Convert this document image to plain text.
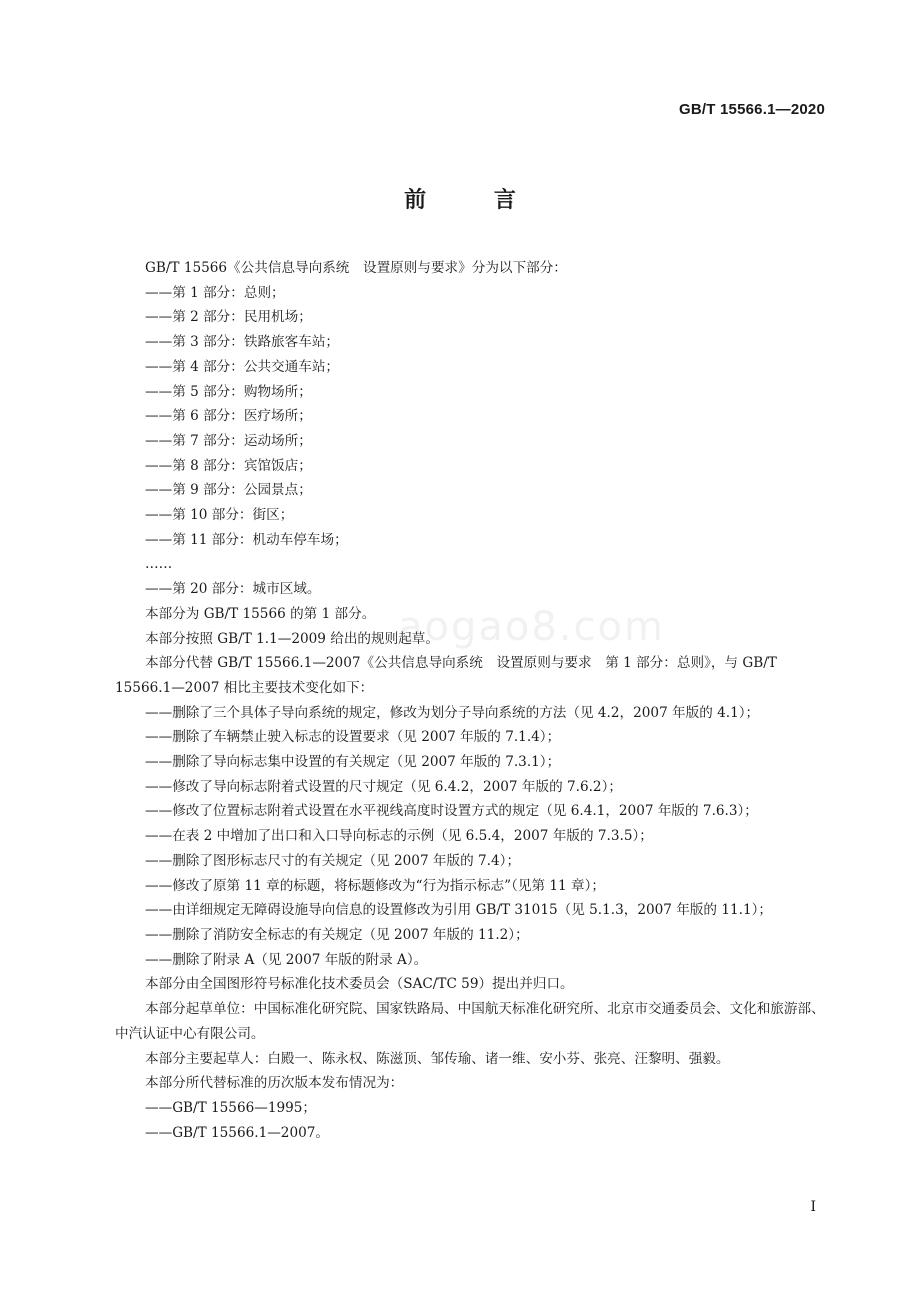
GB/T 15566.1—2020
前 言

GB/T 15566《公共信息导向系统　设置原则与要求》分为以下部分：

——第 1 部分：总则；
——第 2 部分：民用机场；
——第 3 部分：铁路旅客车站；
——第 4 部分：公共交通车站；
——第 5 部分：购物场所；
——第 6 部分：医疗场所；
——第 7 部分：运动场所；
——第 8 部分：宾馆饭店；
——第 9 部分：公园景点；
——第 10 部分：街区；
——第 11 部分：机动车停车场；

……

——第 20 部分：城市区域。

本部分为 GB/T 15566 的第 1 部分。

本部分按照 GB/T 1.1—2009 给出的规则起草。

本部分代替 GB/T 15566.1—2007《公共信息导向系统　设置原则与要求　第 1 部分：总则》，与 GB/T 15566.1—2007 相比主要技术变化如下：

——删除了三个具体子导向系统的规定，修改为划分子导向系统的方法（见 4.2，2007 年版的 4.1）；
——删除了车辆禁止驶入标志的设置要求（见 2007 年版的 7.1.4）；
——删除了导向标志集中设置的有关规定（见 2007 年版的 7.3.1）；
——修改了导向标志附着式设置的尺寸规定（见 6.4.2，2007 年版的 7.6.2）；
——修改了位置标志附着式设置在水平视线高度时设置方式的规定（见 6.4.1，2007 年版的 7.6.3）；
——在表 2 中增加了出口和入口导向标志的示例（见 6.5.4，2007 年版的 7.3.5）；
——删除了图形标志尺寸的有关规定（见 2007 年版的 7.4）；
——修改了原第 11 章的标题，将标题修改为“行为指示标志”（见第 11 章）；
——由详细规定无障碍设施导向信息的设置修改为引用 GB/T 31015（见 5.1.3，2007 年版的 11.1）；
——删除了消防安全标志的有关规定（见 2007 年版的 11.2）；
——删除了附录 A（见 2007 年版的附录 A）。

本部分由全国图形符号标准化技术委员会（SAC/TC 59）提出并归口。

本部分起草单位：中国标准化研究院、国家铁路局、中国航天标准化研究所、北京市交通委员会、文化和旅游部、中汽认证中心有限公司。

本部分主要起草人：白殿一、陈永权、陈滋顶、邹传瑜、诸一维、安小芬、张亮、汪黎明、强毅。

本部分所代替标准的历次版本发布情况为：

——GB/T 15566—1995；
——GB/T 15566.1—2007。
aogao8.com
I
